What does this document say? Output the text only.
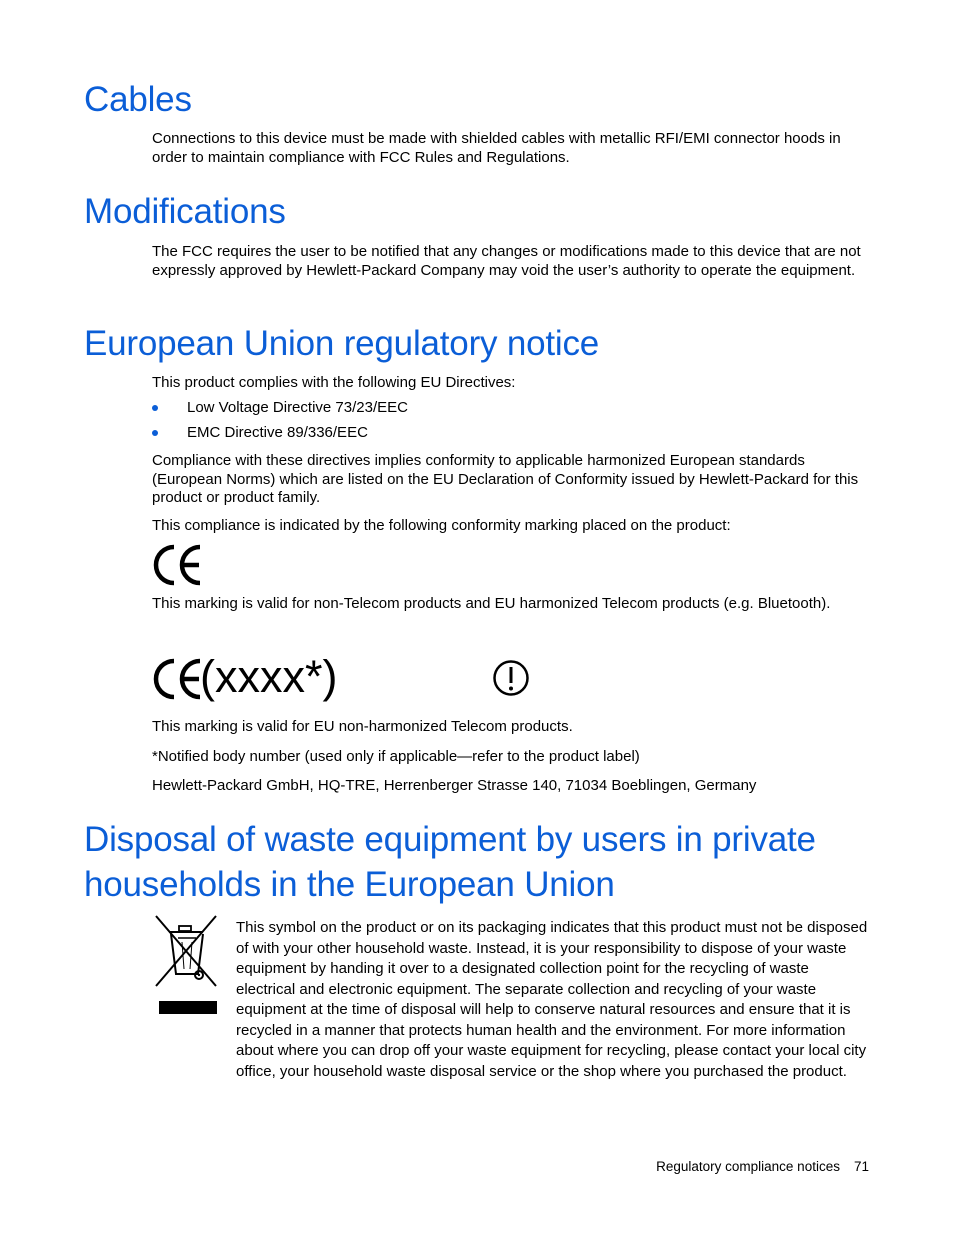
Cables

Connections to this device must be made with shielded cables with metallic RFI/EMI connector hoods in order to maintain compliance with FCC Rules and Regulations.

Modifications

The FCC requires the user to be notified that any changes or modifications made to this device that are not expressly approved by Hewlett-Packard Company may void the user’s authority to operate the equipment.

European Union regulatory notice

This product complies with the following EU Directives:

Low Voltage Directive 73/23/EEC
EMC Directive 89/336/EEC

Compliance with these directives implies conformity to applicable harmonized European standards (European Norms) which are listed on the EU Declaration of Conformity issued by Hewlett-Packard for this product or product family.

This compliance is indicated by the following conformity marking placed on the product:

This marking is valid for non-Telecom products and EU harmonized Telecom products (e.g. Bluetooth).

(xxxx*)

This marking is valid for EU non-harmonized Telecom products.

*Notified body number (used only if applicable—refer to the product label)

Hewlett-Packard GmbH, HQ-TRE, Herrenberger Strasse 140, 71034 Boeblingen, Germany

Disposal of waste equipment by users in private
households in the European Union

This symbol on the product or on its packaging indicates that this product must not be disposed of with your other household waste. Instead, it is your responsibility to dispose of your waste equipment by handing it over to a designated collection point for the recycling of waste electrical and electronic equipment. The separate collection and recycling of your waste equipment at the time of disposal will help to conserve natural resources and ensure that it is recycled in a manner that protects human health and the environment. For more information about where you can drop off your waste equipment for recycling, please contact your local city office, your household waste disposal service or the shop where you purchased the product.

Regulatory compliance notices 71
